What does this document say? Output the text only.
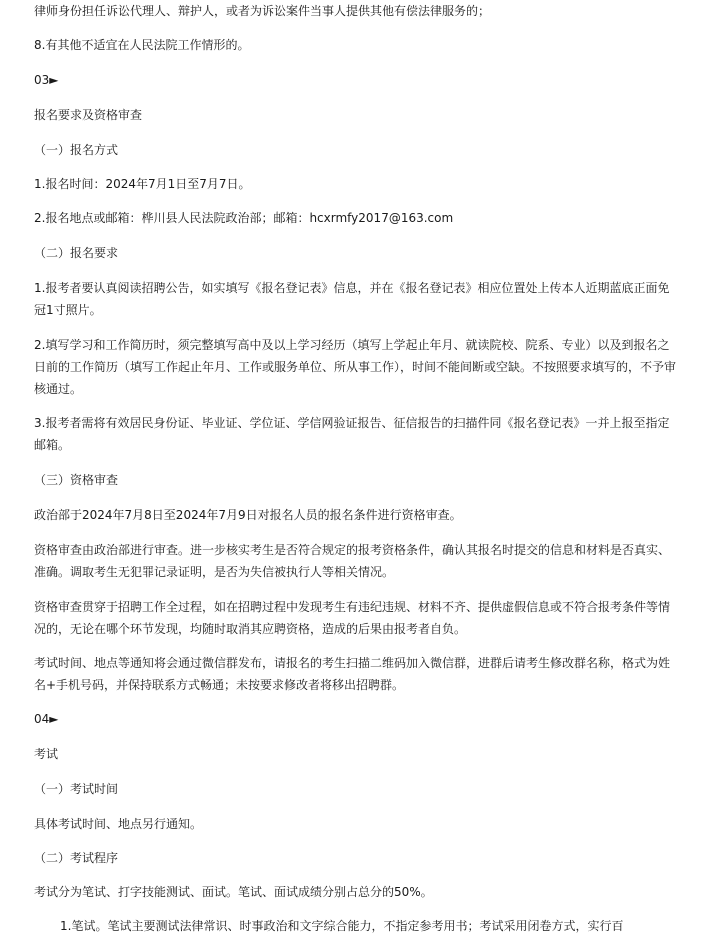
律师身份担任诉讼代理人、辩护人，或者为诉讼案件当事人提供其他有偿法律服务的；
8.有其他不适宜在人民法院工作情形的。
03►
报名要求及资格审查
（一）报名方式
1.报名时间：2024年7月1日至7月7日。
2.报名地点或邮箱：桦川县人民法院政治部；邮箱：hcxrmfy2017@163.com
（二）报名要求
1.报考者要认真阅读招聘公告，如实填写《报名登记表》信息，并在《报名登记表》相应位置处上传本人近期蓝底正面免冠1寸照片。
2.填写学习和工作简历时，须完整填写高中及以上学习经历（填写上学起止年月、就读院校、院系、专业）以及到报名之日前的工作简历（填写工作起止年月、工作或服务单位、所从事工作），时间不能间断或空缺。不按照要求填写的，不予审核通过。
3.报考者需将有效居民身份证、毕业证、学位证、学信网验证报告、征信报告的扫描件同《报名登记表》一并上报至指定邮箱。
（三）资格审查
政治部于2024年7月8日至2024年7月9日对报名人员的报名条件进行资格审查。
资格审查由政治部进行审查。进一步核实考生是否符合规定的报考资格条件，确认其报名时提交的信息和材料是否真实、准确。调取考生无犯罪记录证明，是否为失信被执行人等相关情况。
资格审查贯穿于招聘工作全过程，如在招聘过程中发现考生有违纪违规、材料不齐、提供虚假信息或不符合报考条件等情况的，无论在哪个环节发现，均随时取消其应聘资格，造成的后果由报考者自负。
考试时间、地点等通知将会通过微信群发布，请报名的考生扫描二维码加入微信群，进群后请考生修改群名称，格式为姓名+手机号码，并保持联系方式畅通；未按要求修改者将移出招聘群。
04►
考试
（一）考试时间
具体考试时间、地点另行通知。
（二）考试程序
考试分为笔试、打字技能测试、面试。笔试、面试成绩分别占总分的50%。
1.笔试。笔试主要测试法律常识、时事政治和文字综合能力，不指定参考用书；考试采用闭卷方式，实行百
